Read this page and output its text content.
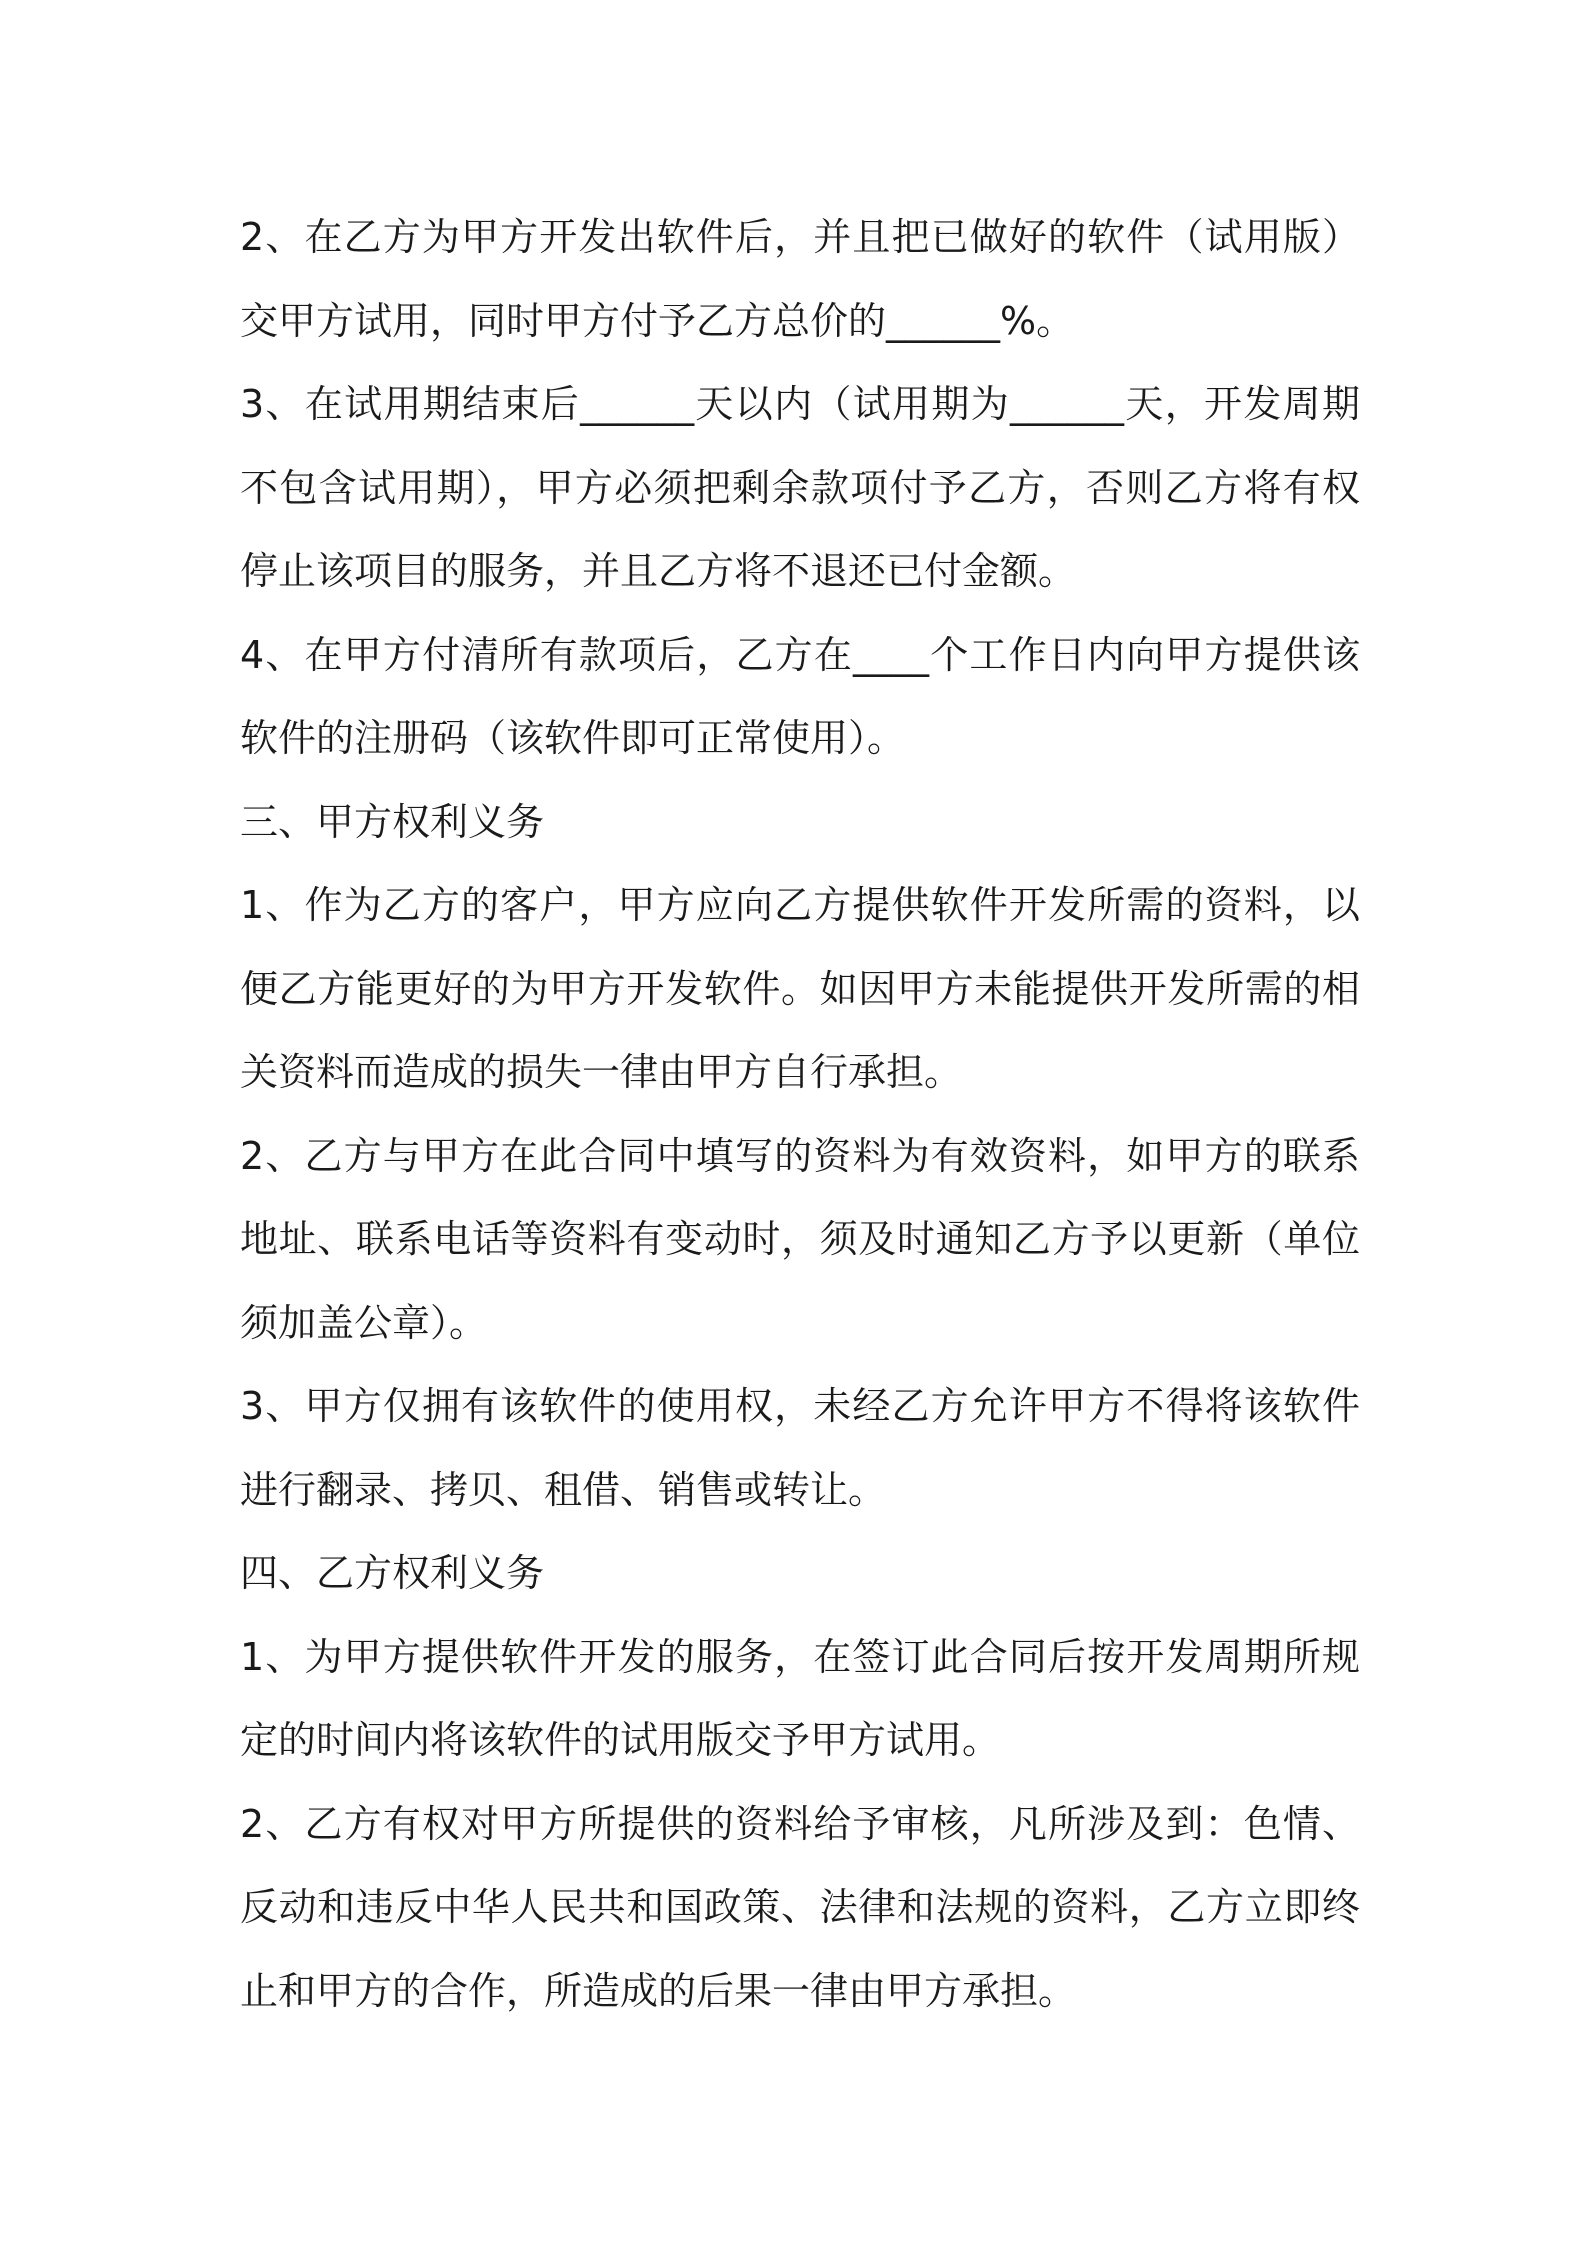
2、在乙方为甲方开发出软件后，并且把已做好的软件（试用版）交甲方试用，同时甲方付予乙方总价的______%。

3、在试用期结束后______天以内（试用期为______天，开发周期不包含试用期），甲方必须把剩余款项付予乙方，否则乙方将有权停止该项目的服务，并且乙方将不退还已付金额。

4、在甲方付清所有款项后，乙方在____个工作日内向甲方提供该软件的注册码（该软件即可正常使用）。

三、甲方权利义务

1、作为乙方的客户，甲方应向乙方提供软件开发所需的资料，以便乙方能更好的为甲方开发软件。如因甲方未能提供开发所需的相关资料而造成的损失一律由甲方自行承担。

2、乙方与甲方在此合同中填写的资料为有效资料，如甲方的联系地址、联系电话等资料有变动时，须及时通知乙方予以更新（单位须加盖公章）。

3、甲方仅拥有该软件的使用权，未经乙方允许甲方不得将该软件进行翻录、拷贝、租借、销售或转让。

四、乙方权利义务

1、为甲方提供软件开发的服务，在签订此合同后按开发周期所规定的时间内将该软件的试用版交予甲方试用。

2、乙方有权对甲方所提供的资料给予审核，凡所涉及到：色情、反动和违反中华人民共和国政策、法律和法规的资料，乙方立即终止和甲方的合作，所造成的后果一律由甲方承担。
